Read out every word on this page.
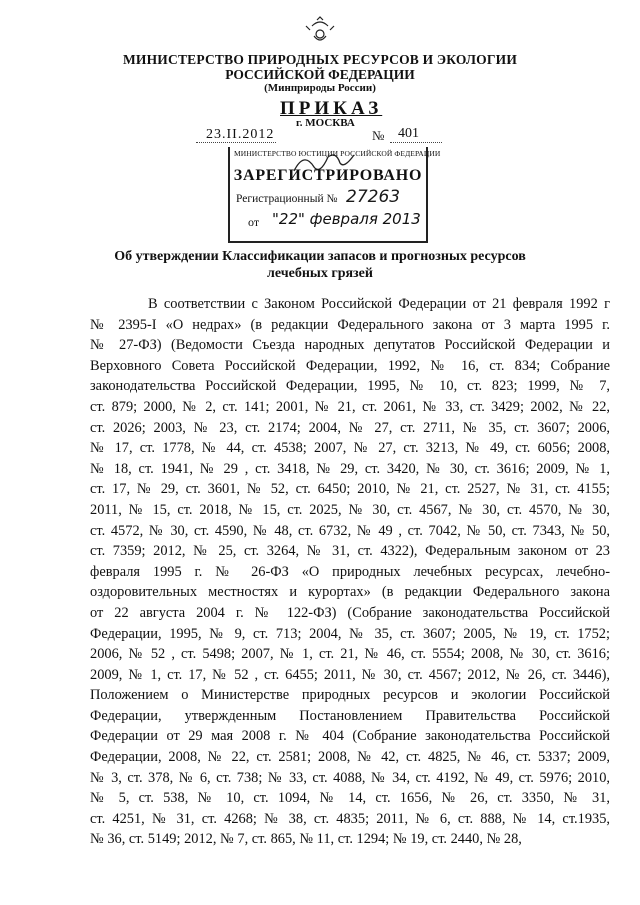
МИНИСТЕРСТВО ПРИРОДНЫХ РЕСУРСОВ И ЭКОЛОГИИ
РОССИЙСКОЙ ФЕДЕРАЦИИ
(Минприроды России)
ПРИКАЗ
г. МОСКВА
23.II.2012	№ 401
МИНИСТЕРСТВО ЮСТИЦИИ РОССИЙСКОЙ ФЕДЕРАЦИИ
ЗАРЕГИСТРИРОВАНО
Регистрационный № 27263
от "22" февраля 2013
Об утверждении Классификации запасов и прогнозных ресурсов
лечебных грязей
В соответствии с Законом Российской Федерации от 21 февраля 1992 г
№ 2395-I «О недрах» (в редакции Федерального закона от 3 марта 1995 г.
№ 27-ФЗ) (Ведомости Съезда народных депутатов Российской Федерации и
Верховного Совета Российской Федерации, 1992, № 16, ст. 834; Собрание
законодательства Российской Федерации, 1995, № 10, ст. 823; 1999, № 7,
ст. 879; 2000, № 2, ст. 141; 2001, № 21, ст. 2061, № 33, ст. 3429; 2002, № 22,
ст. 2026; 2003, № 23, ст. 2174; 2004, № 27, ст. 2711, № 35, ст. 3607; 2006,
№ 17, ст. 1778, № 44, ст. 4538; 2007, № 27, ст. 3213, № 49, ст. 6056; 2008,
№ 18, ст. 1941, № 29 , ст. 3418, № 29, ст. 3420, № 30, ст. 3616; 2009, № 1,
ст. 17, № 29, ст. 3601, № 52, ст. 6450; 2010, № 21, ст. 2527, № 31, ст. 4155;
2011, № 15, ст. 2018, № 15, ст. 2025, № 30, ст. 4567, № 30, ст. 4570, № 30,
ст. 4572, № 30, ст. 4590, № 48, ст. 6732, № 49 , ст. 7042, № 50, ст. 7343, № 50,
ст. 7359; 2012, № 25, ст. 3264, № 31, ст. 4322), Федеральным законом от 23
февраля 1995 г. № 26-ФЗ «О природных лечебных ресурсах, лечебно-
оздоровительных местностях и курортах» (в редакции Федерального закона
от 22 августа 2004 г. № 122-ФЗ) (Собрание законодательства Российской
Федерации, 1995, № 9, ст. 713; 2004, № 35, ст. 3607; 2005, № 19, ст. 1752;
2006, № 52 , ст. 5498; 2007, № 1, ст. 21, № 46, ст. 5554; 2008, № 30, ст. 3616;
2009, № 1, ст. 17, № 52 , ст. 6455; 2011, № 30, ст. 4567; 2012, № 26, ст. 3446),
Положением о Министерстве природных ресурсов и экологии Российской
Федерации, утвержденным Постановлением Правительства Российской
Федерации от 29 мая 2008 г. № 404 (Собрание законодательства Российской
Федерации, 2008, № 22, ст. 2581; 2008, № 42, ст. 4825, № 46, ст. 5337; 2009,
№ 3, ст. 378, № 6, ст. 738; № 33, ст. 4088, № 34, ст. 4192, № 49, ст. 5976; 2010,
№ 5, ст. 538, № 10, ст. 1094, № 14, ст. 1656, № 26, ст. 3350, № 31,
ст. 4251, № 31, ст. 4268; № 38, ст. 4835; 2011, № 6, ст. 888, № 14, ст.1935,
№ 36, ст. 5149; 2012, № 7, ст. 865, № 11, ст. 1294; № 19, ст. 2440, № 28,
